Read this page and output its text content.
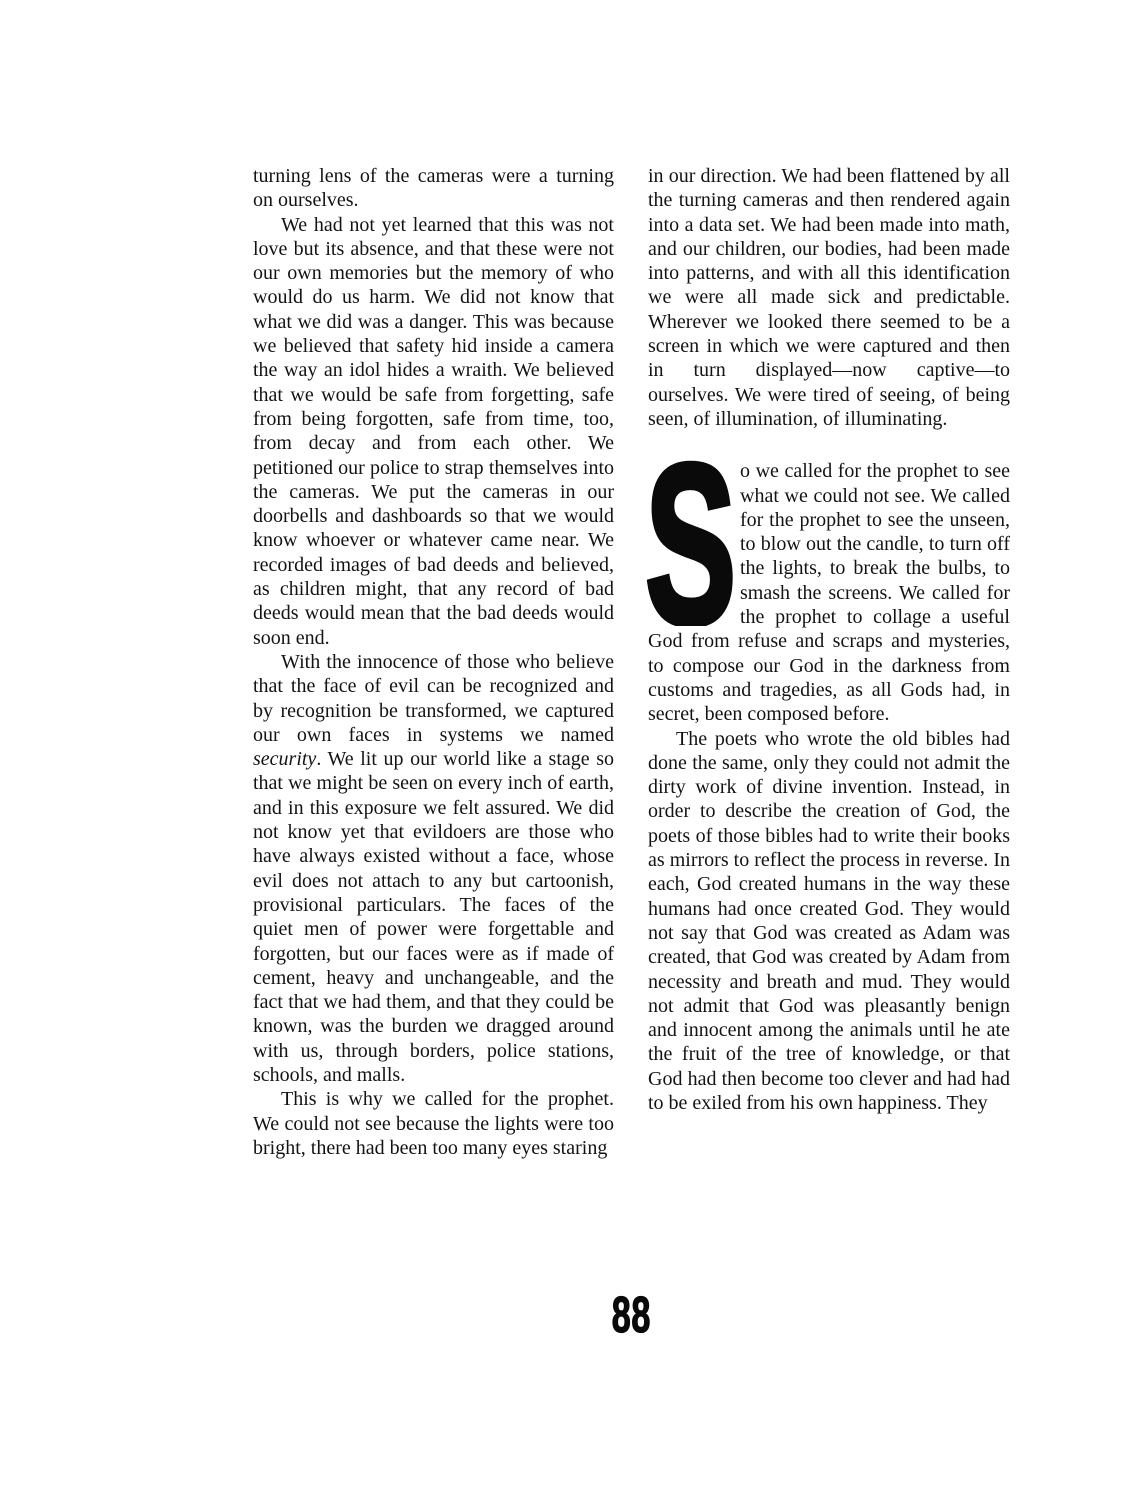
turning lens of the cameras were a turning on ourselves.

We had not yet learned that this was not love but its absence, and that these were not our own memories but the memory of who would do us harm. We did not know that what we did was a danger. This was because we believed that safety hid inside a camera the way an idol hides a wraith. We believed that we would be safe from forgetting, safe from being forgotten, safe from time, too, from decay and from each other. We petitioned our police to strap themselves into the cameras. We put the cameras in our doorbells and dashboards so that we would know whoever or whatever came near. We recorded images of bad deeds and believed, as children might, that any record of bad deeds would mean that the bad deeds would soon end.

With the innocence of those who believe that the face of evil can be recognized and by recognition be transformed, we captured our own faces in systems we named security. We lit up our world like a stage so that we might be seen on every inch of earth, and in this exposure we felt assured. We did not know yet that evildoers are those who have always existed without a face, whose evil does not attach to any but cartoonish, provisional particulars. The faces of the quiet men of power were forgettable and forgotten, but our faces were as if made of cement, heavy and unchangeable, and the fact that we had them, and that they could be known, was the burden we dragged around with us, through borders, police stations, schools, and malls.

This is why we called for the prophet. We could not see because the lights were too bright, there had been too many eyes staring

in our direction. We had been flattened by all the turning cameras and then rendered again into a data set. We had been made into math, and our children, our bodies, had been made into patterns, and with all this identification we were all made sick and predictable. Wherever we looked there seemed to be a screen in which we were captured and then in turn displayed—now captive—to ourselves. We were tired of seeing, of being seen, of illumination, of illuminating.

S o we called for the prophet to see what we could not see. We called for the prophet to see the unseen, to blow out the candle, to turn off the lights, to break the bulbs, to smash the screens. We called for the prophet to collage a useful God from refuse and scraps and mysteries, to compose our God in the darkness from customs and tragedies, as all Gods had, in secret, been composed before.

The poets who wrote the old bibles had done the same, only they could not admit the dirty work of divine invention. Instead, in order to describe the creation of God, the poets of those bibles had to write their books as mirrors to reflect the process in reverse. In each, God created humans in the way these humans had once created God. They would not say that God was created as Adam was created, that God was created by Adam from necessity and breath and mud. They would not admit that God was pleasantly benign and innocent among the animals until he ate the fruit of the tree of knowledge, or that God had then become too clever and had had to be exiled from his own happiness. They

88
